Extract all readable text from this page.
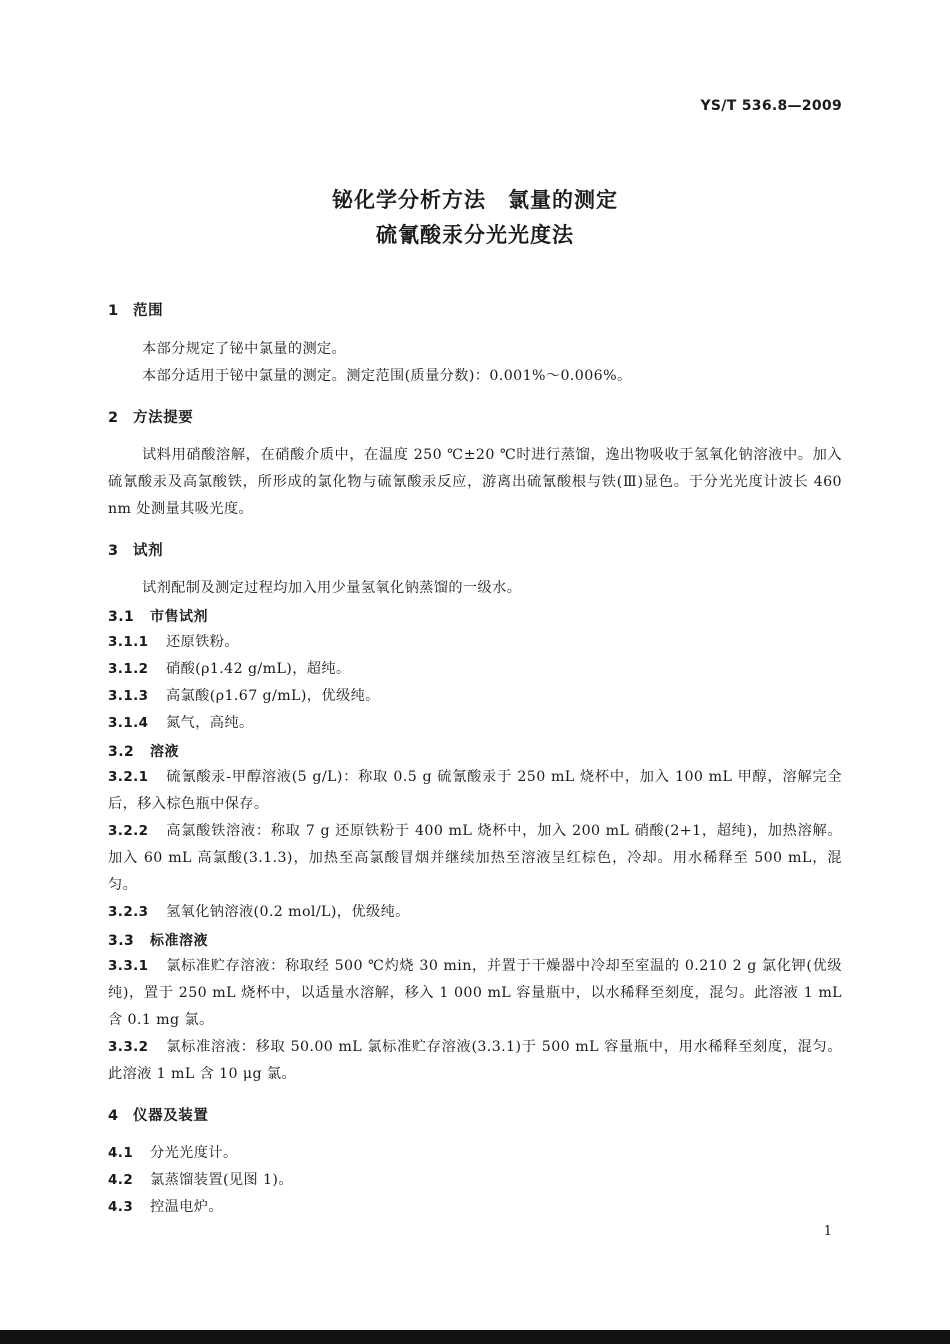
YS/T 536.8—2009
铋化学分析方法　氯量的测定
硫氰酸汞分光光度法
1 范围
本部分规定了铋中氯量的测定。
本部分适用于铋中氯量的测定。测定范围(质量分数)：0.001%～0.006%。
2 方法提要
试料用硝酸溶解，在硝酸介质中，在温度 250 ℃±20 ℃时进行蒸馏，逸出物吸收于氢氧化钠溶液中。加入硫氰酸汞及高氯酸铁，所形成的氯化物与硫氰酸汞反应，游离出硫氰酸根与铁(Ⅲ)显色。于分光光度计波长 460 nm 处测量其吸光度。
3 试剂
试剂配制及测定过程均加入用少量氢氧化钠蒸馏的一级水。
3.1 市售试剂
3.1.1 还原铁粉。
3.1.2 硝酸(ρ1.42 g/mL)，超纯。
3.1.3 高氯酸(ρ1.67 g/mL)，优级纯。
3.1.4 氮气，高纯。
3.2 溶液
3.2.1 硫氰酸汞-甲醇溶液(5 g/L)：称取 0.5 g 硫氰酸汞于 250 mL 烧杯中，加入 100 mL 甲醇，溶解完全后，移入棕色瓶中保存。
3.2.2 高氯酸铁溶液：称取 7 g 还原铁粉于 400 mL 烧杯中，加入 200 mL 硝酸(2+1，超纯)，加热溶解。加入 60 mL 高氯酸(3.1.3)，加热至高氯酸冒烟并继续加热至溶液呈红棕色，冷却。用水稀释至 500 mL，混匀。
3.2.3 氢氧化钠溶液(0.2 mol/L)，优级纯。
3.3 标准溶液
3.3.1 氯标准贮存溶液：称取经 500 ℃灼烧 30 min，并置于干燥器中冷却至室温的 0.210 2 g 氯化钾(优级纯)，置于 250 mL 烧杯中，以适量水溶解，移入 1 000 mL 容量瓶中，以水稀释至刻度，混匀。此溶液 1 mL 含 0.1 mg 氯。
3.3.2 氯标准溶液：移取 50.00 mL 氯标准贮存溶液(3.3.1)于 500 mL 容量瓶中，用水稀释至刻度，混匀。此溶液 1 mL 含 10 μg 氯。
4 仪器及装置
4.1 分光光度计。
4.2 氯蒸馏装置(见图 1)。
4.3 控温电炉。
1
